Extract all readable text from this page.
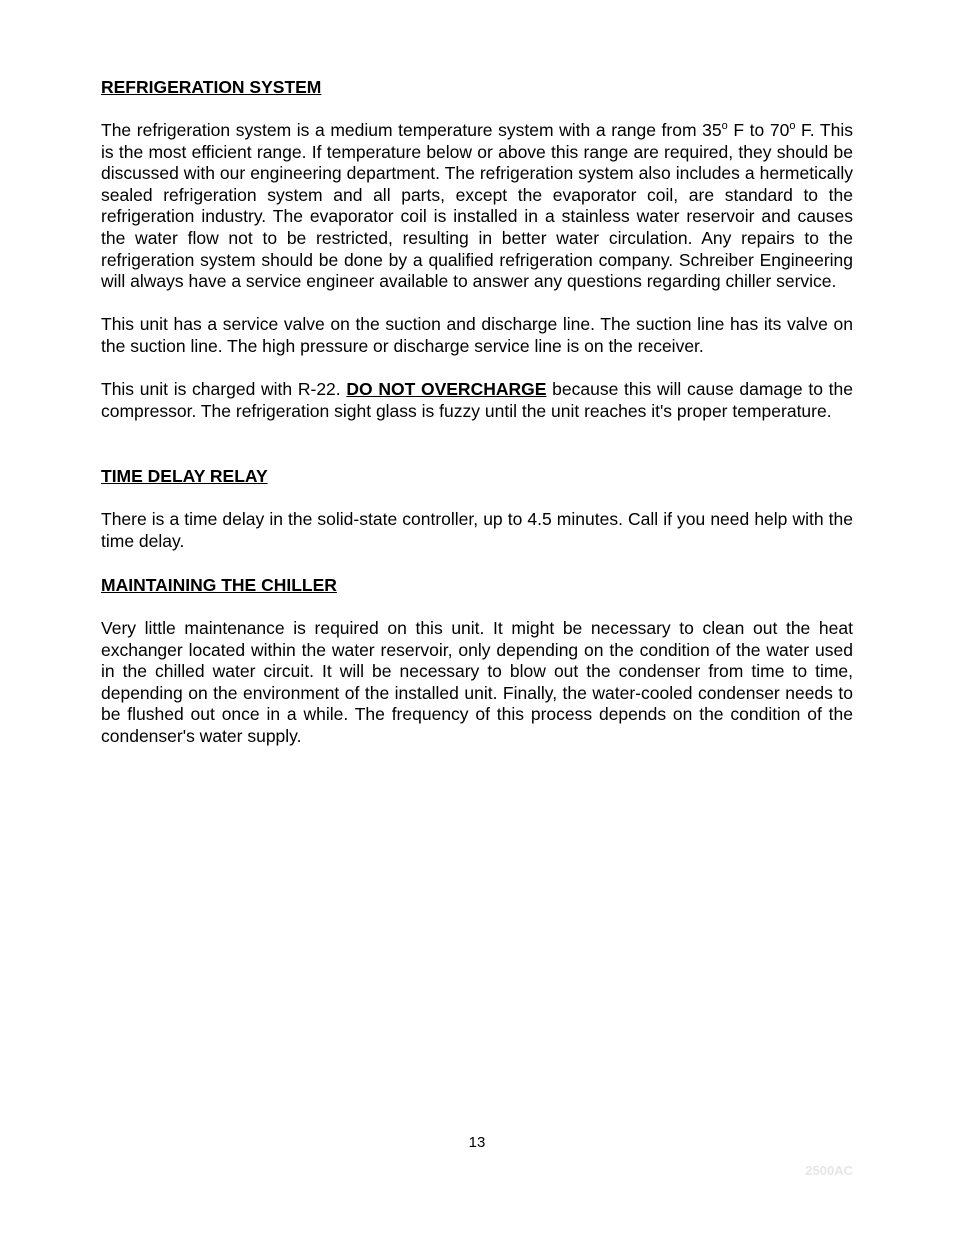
REFRIGERATION SYSTEM

The refrigeration system is a medium temperature system with a range from 35$^o$ F to 70$^o$ F. This is the most efficient range. If temperature below or above this range are required, they should be discussed with our engineering department. The refrigeration system also includes a hermetically sealed refrigeration system and all parts, except the evaporator coil, are standard to the refrigeration industry. The evaporator coil is installed in a stainless water reservoir and causes the water flow not to be restricted, resulting in better water circulation. Any repairs to the refrigeration system should be done by a qualified refrigeration company. Schreiber Engineering will always have a service engineer available to answer any questions regarding chiller service.

This unit has a service valve on the suction and discharge line. The suction line has its valve on the suction line. The high pressure or discharge service line is on the receiver.

This unit is charged with R-22. DO NOT OVERCHARGE because this will cause damage to the compressor. The refrigeration sight glass is fuzzy until the unit reaches it's proper temperature.

TIME DELAY RELAY

There is a time delay in the solid-state controller, up to 4.5 minutes. Call if you need help with the time delay.

MAINTAINING THE CHILLER

Very little maintenance is required on this unit. It might be necessary to clean out the heat exchanger located within the water reservoir, only depending on the condition of the water used in the chilled water circuit. It will be necessary to blow out the condenser from time to time, depending on the environment of the installed unit. Finally, the water-cooled condenser needs to be flushed out once in a while. The frequency of this process depends on the condition of the condenser's water supply.

13
2500AC
